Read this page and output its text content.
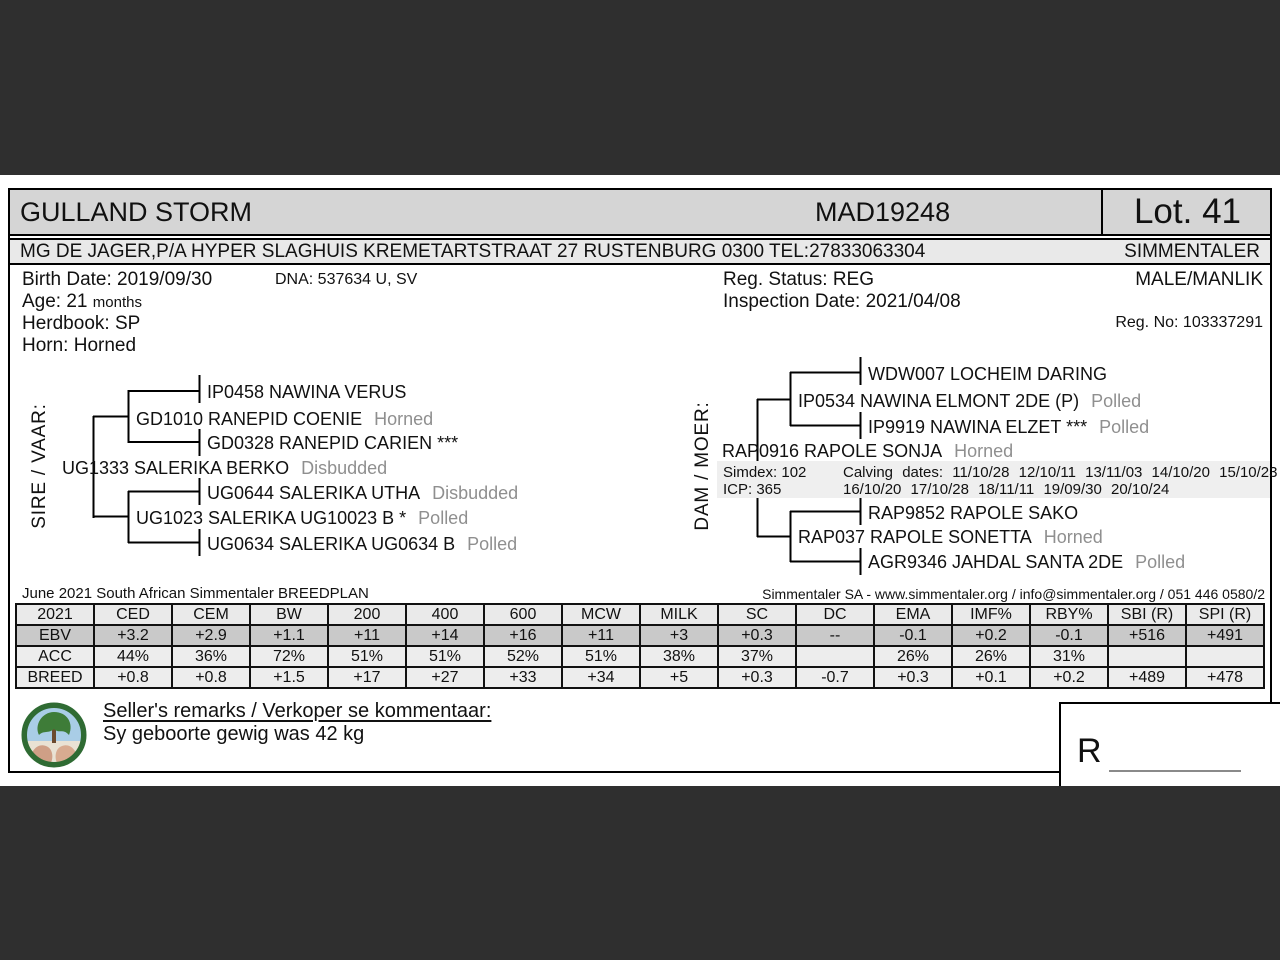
GULLAND STORM	MAD19248	Lot. 41
MG DE JAGER,P/A HYPER SLAGHUIS KREMETARTSTRAAT 27 RUSTENBURG 0300 TEL:27833063304	SIMMENTALER
Birth Date: 2019/09/30	DNA: 537634 U, SV
Age: 21 months
Herdbook: SP
Horn: Horned
Reg. Status: REG
Inspection Date: 2021/04/08
MALE/MANLIK
Reg. No: 103337291
SIRE / VAAR:	DAM / MOER:
IP0458 NAWINA VERUS
GD1010 RANEPID COENIE Horned
GD0328 RANEPID CARIEN ***
UG1333 SALERIKA BERKO Disbudded
UG0644 SALERIKA UTHA Disbudded
UG1023 SALERIKA UG10023 B * Polled
UG0634 SALERIKA UG0634 B Polled
WDW007 LOCHEIM DARING
IP0534 NAWINA ELMONT 2DE (P) Polled
IP9919 NAWINA ELZET *** Polled
RAP0916 RAPOLE SONJA Horned
Simdex: 102
ICP: 365
Calving dates: 11/10/28 12/10/11 13/11/03 14/10/20 15/10/23
16/10/20 17/10/28 18/11/11 19/09/30 20/10/24
RAP9852 RAPOLE SAKO
RAP037 RAPOLE SONETTA Horned
AGR9346 JAHDAL SANTA 2DE Polled
June 2021 South African Simmentaler BREEDPLAN	Simmentaler SA - www.simmentaler.org / info@simmentaler.org / 051 446 0580/2
2021	CED	CEM	BW	200	400	600	MCW	MILK	SC	DC	EMA	IMF%	RBY%	SBI (R)	SPI (R)
EBV	+3.2	+2.9	+1.1	+11	+14	+16	+11	+3	+0.3	--	-0.1	+0.2	-0.1	+516	+491
ACC	44%	36%	72%	51%	51%	52%	51%	38%	37%		26%	26%	31%		
BREED	+0.8	+0.8	+1.5	+17	+27	+33	+34	+5	+0.3	-0.7	+0.3	+0.1	+0.2	+489	+478
Seller's remarks / Verkoper se kommentaar:
Sy geboorte gewig was 42 kg	R
